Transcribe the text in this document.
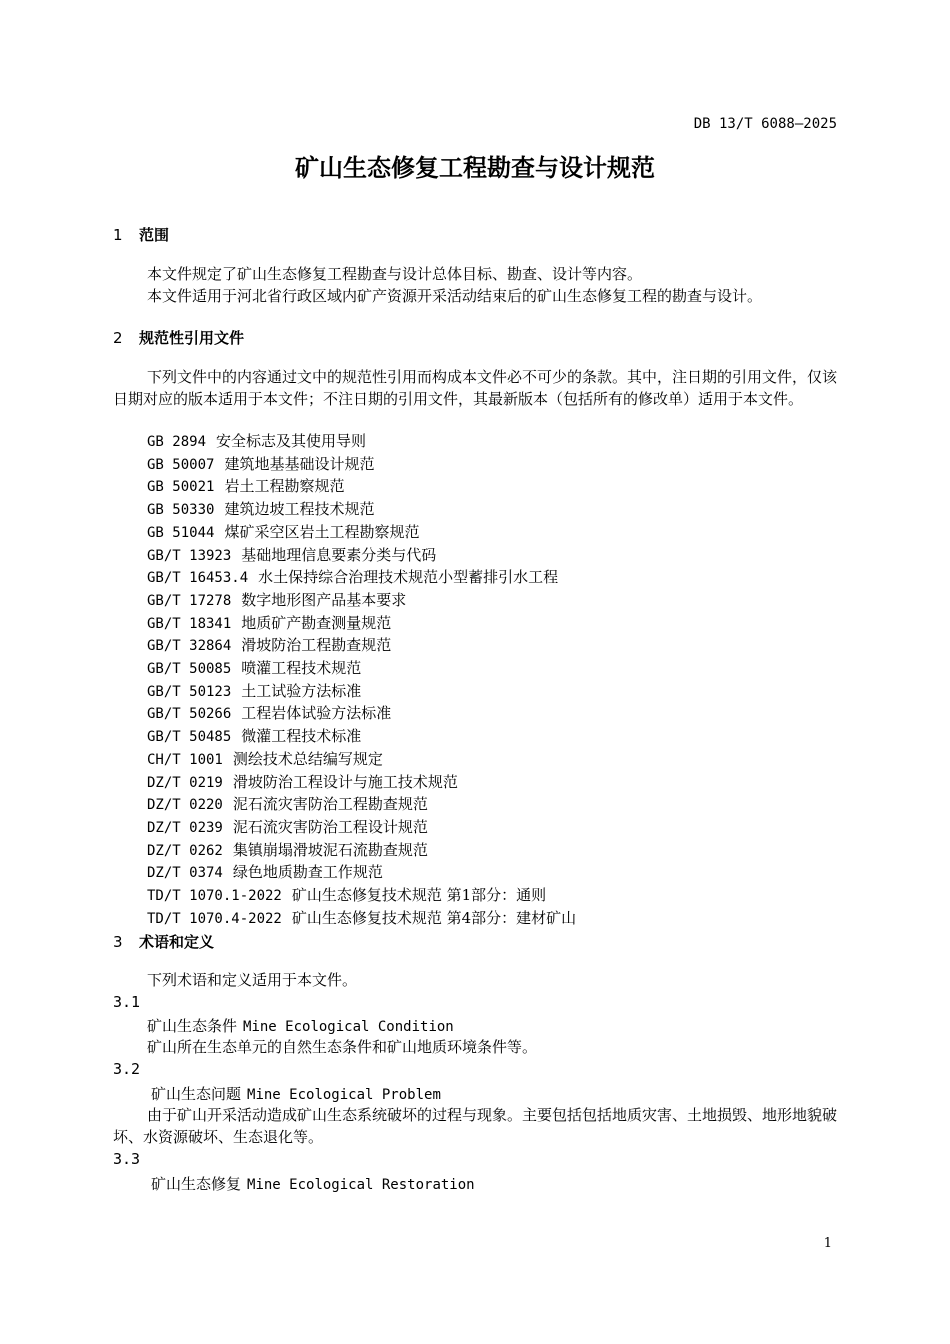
DB 13/T 6088—2025
矿山生态修复工程勘查与设计规范
1 范围
本文件规定了矿山生态修复工程勘查与设计总体目标、勘查、设计等内容。
本文件适用于河北省行政区域内矿产资源开采活动结束后的矿山生态修复工程的勘查与设计。
2 规范性引用文件
下列文件中的内容通过文中的规范性引用而构成本文件必不可少的条款。其中，注日期的引用文件，仅该日期对应的版本适用于本文件；不注日期的引用文件，其最新版本（包括所有的修改单）适用于本文件。
GB 2894 安全标志及其使用导则
GB 50007 建筑地基基础设计规范
GB 50021 岩土工程勘察规范
GB 50330 建筑边坡工程技术规范
GB 51044 煤矿采空区岩土工程勘察规范
GB/T 13923 基础地理信息要素分类与代码
GB/T 16453.4 水土保持综合治理技术规范小型蓄排引水工程
GB/T 17278 数字地形图产品基本要求
GB/T 18341 地质矿产勘查测量规范
GB/T 32864 滑坡防治工程勘查规范
GB/T 50085 喷灌工程技术规范
GB/T 50123 土工试验方法标准
GB/T 50266 工程岩体试验方法标准
GB/T 50485 微灌工程技术标准
CH/T 1001 测绘技术总结编写规定
DZ/T 0219 滑坡防治工程设计与施工技术规范
DZ/T 0220 泥石流灾害防治工程勘查规范
DZ/T 0239 泥石流灾害防治工程设计规范
DZ/T 0262 集镇崩塌滑坡泥石流勘查规范
DZ/T 0374 绿色地质勘查工作规范
TD/T 1070.1-2022 矿山生态修复技术规范 第1部分：通则
TD/T 1070.4-2022 矿山生态修复技术规范 第4部分：建材矿山
3 术语和定义
下列术语和定义适用于本文件。
3.1
矿山生态条件 Mine Ecological Condition
矿山所在生态单元的自然生态条件和矿山地质环境条件等。
3.2
矿山生态问题 Mine Ecological Problem
由于矿山开采活动造成矿山生态系统破坏的过程与现象。主要包括包括地质灾害、土地损毁、地形地貌破坏、水资源破坏、生态退化等。
3.3
矿山生态修复 Mine Ecological Restoration
1
